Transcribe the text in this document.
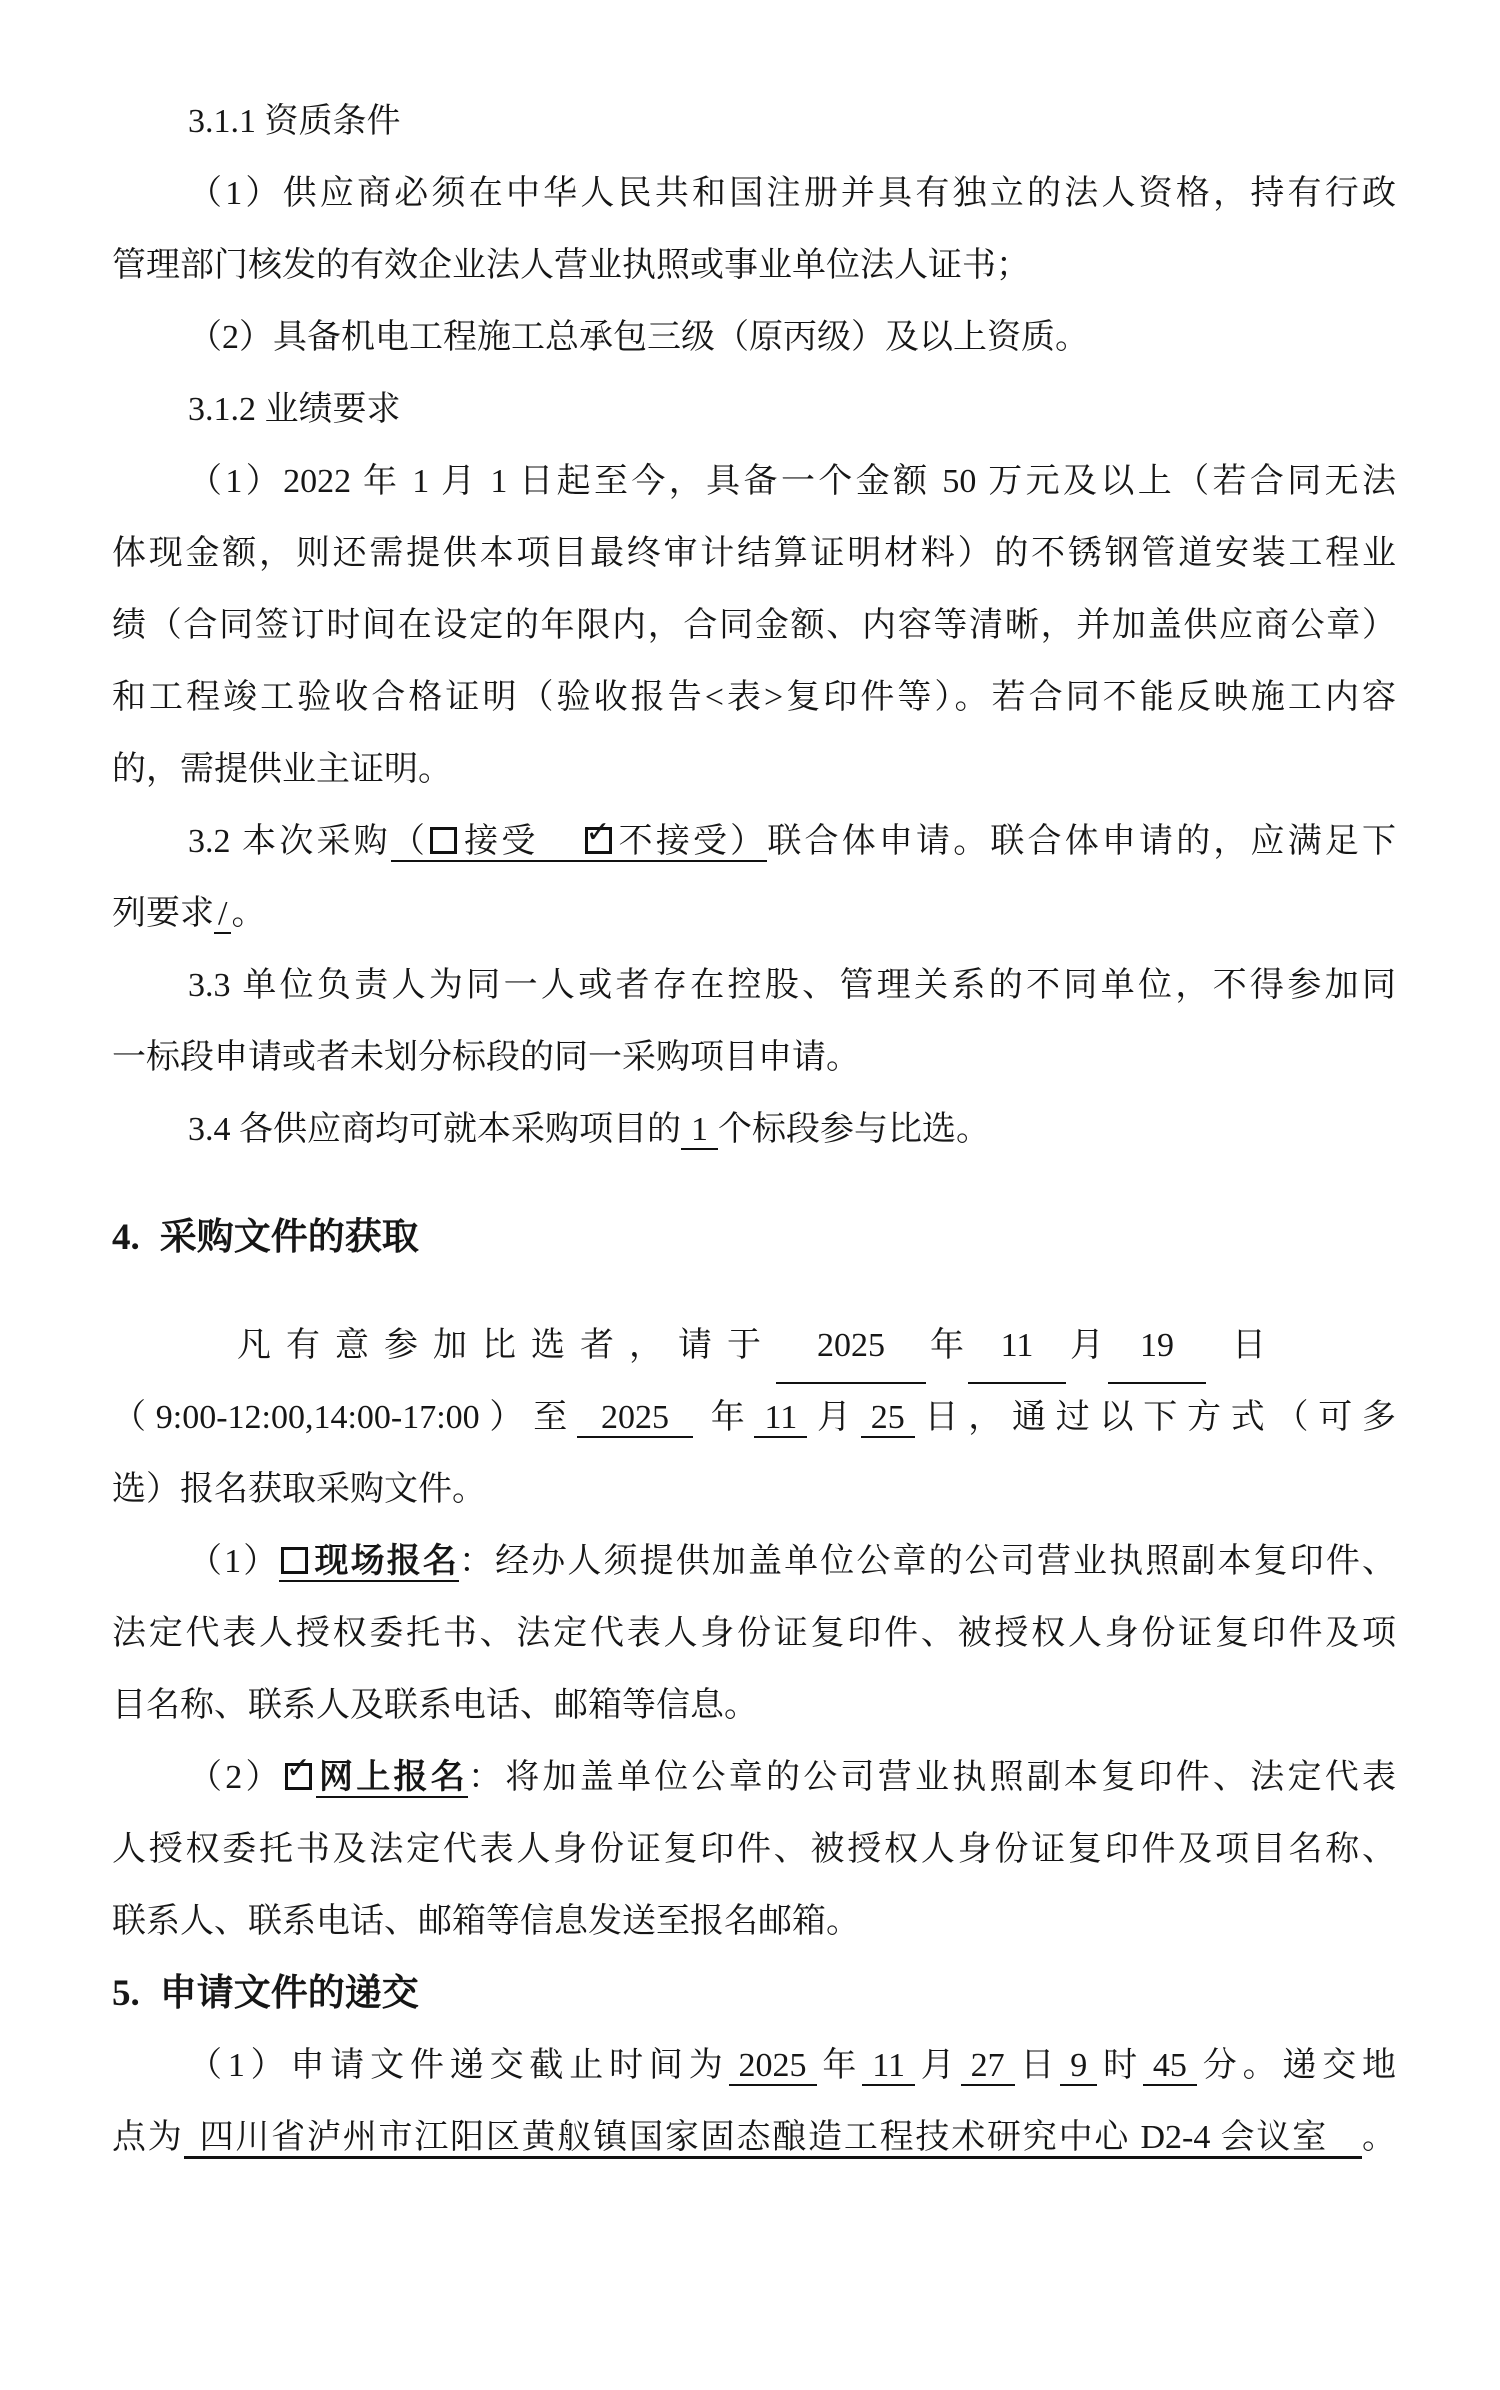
3.1.1 资质条件

（1）供应商必须在中华人民共和国注册并具有独立的法人资格，持有行政

管理部门核发的有效企业法人营业执照或事业单位法人证书；

（2）具备机电工程施工总承包三级（原丙级）及以上资质。

3.1.2 业绩要求

（1）2022 年 1 月 1 日起至今，具备一个金额 50 万元及以上（若合同无法

体现金额，则还需提供本项目最终审计结算证明材料）的不锈钢管道安装工程业

绩（合同签订时间在设定的年限内，合同金额、内容等清晰，并加盖供应商公章）

和工程竣工验收合格证明（验收报告<表>复印件等）。若合同不能反映施工内容

的，需提供业主证明。

3.2 本次采购（ 接受 ✓ 不接受）联合体申请。联合体申请的，应满足下

列要求 / 。

3.3 单位负责人为同一人或者存在控股、管理关系的不同单位，不得参加同

一标段申请或者未划分标段的同一采购项目申请。

3.4 各供应商均可就本采购项目的 1 个标段参与比选。

4. 采购文件的获取

凡有意参加比选者，请于 2025 年 11 月 19 日

（9:00-12:00,14:00-17:00）至 2025 年 11 月 25 日，通过以下方式（可多

选）报名获取采购文件。

（1） 现场报名：经办人须提供加盖单位公章的公司营业执照副本复印件、

法定代表人授权委托书、法定代表人身份证复印件、被授权人身份证复印件及项

目名称、联系人及联系电话、邮箱等信息。

（2） ✓ 网上报名：将加盖单位公章的公司营业执照副本复印件、法定代表

人授权委托书及法定代表人身份证复印件、被授权人身份证复印件及项目名称、

联系人、联系电话、邮箱等信息发送至报名邮箱。

5. 申请文件的递交

（1）申请文件递交截止时间为 2025 年 11 月 27 日 9 时 45 分。递交地

点为 四川省泸州市江阳区黄舣镇国家固态酿造工程技术研究中心 D2-4 会议室 。
